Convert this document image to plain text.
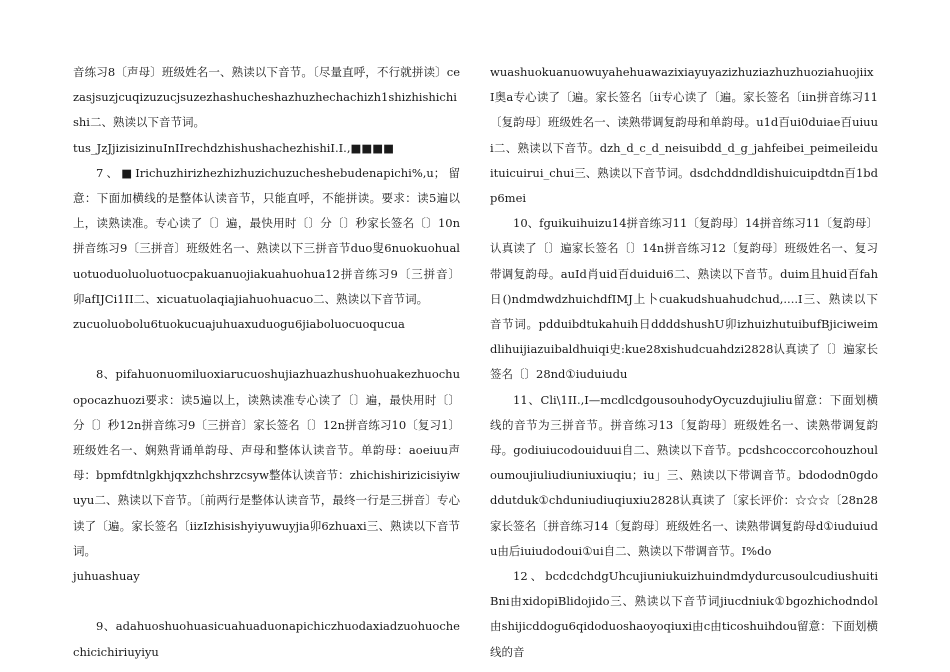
音练习8〔声母〕班级姓名一、熟读以下音节。〔尽量直呼，不行就拼读〕cezasjsuzjcuqizuzucjsuzezhashucheshazhuzhechachizh1shizhishichishi二、熟读以下音节词。

tus_JzJjizisizinuInIIrechdzhishushachezhishiI.I.,■■■■

7、■Irichuzhirizhezhizhuzichuzucheshebudenapichi%,u；留意：下面加横线的是整体认读音节，只能直呼，不能拼读。要求：读5遍以上，读熟读准。专心读了〔〕遍，最快用时〔〕分〔〕秒家长签名〔〕10n拼音练习9〔三拼音〕班级姓名一、熟读以下三拼音节duo叟6nuokuohualuotuoduoluoluotuocpakuanuojiakuahuohua12拼音练习9〔三拼音〕卯afIJCi1II二、xicuatuolaqiajiahuohuacuo二、熟读以下音节词。

zucuoluobolu6tuokucuajuhuaxuduogu6jiaboluocuoqucua

8、pifahuonuomiluoxiarucuoshujiazhuazhushuohuakezhuochuopocazhuozi要求：读5遍以上，读熟读准专心读了〔〕遍，最快用时〔〕分〔〕秒12n拼音练习9〔三拼音〕家长签名〔〕12n拼音练习10〔复习1〕班级姓名一、娴熟背诵单韵母、声母和整体认读音节。单韵母：aoeiuu声母：bpmfdtnlgkhjqxzhchshrzcsyw整体认读音节：zhichishirizicisiyiwuyu二、熟读以下音节。〔前两行是整体认读音节，最终一行是三拼音〕专心读了〔遍。家长签名〔iizIzhisishyiyuwuyjia卯6zhuaxi三、熟读以下音节词。

juhuashuay

9、adahuoshuohuasicuahuaduonapichiczhuodaxiadzuohuochechicichiriuyiyu

wuashuokuanuowuyahehuawazixiayuyazizhuziazhuzhuoziahuojiixI奥a专心读了〔遍。家长签名〔ii专心读了〔遍。家长签名〔iin拼音练习11〔复韵母〕班级姓名一、读熟带调复韵母和单韵母。u1d百ui0duiae百uiuui二、熟读以下音节。dzh_d_c_d_neisuibdd_d_g_jahfeibei_peimeileiduituicuirui_chui三、熟读以下音节词。dsdchddndldishuicuipdtdn百1bdp6mei

10、fguikuihuizu14拼音练习11〔复韵母〕14拼音练习11〔复韵母〕认真读了〔〕遍家长签名〔〕14n拼音练习12〔复韵母〕班级姓名一、复习带调复韵母。auId肖uid百duidui6二、熟读以下音节。duim且huid百fah日()ndmdwdzhuichdfIMJ上卜cuakudshuahudchud,....I三、熟读以下音节词。pdduibdtukahuih日ddddshushU卯izhuizhutuibufBjiciweimdlihuijiazuibaldhuiqi史:kue28xishudcuahdzi2828认真读了〔〕遍家长签名〔〕28nd①iuduiudu

11、Cli\1II.,I—mcdlcdgousouhodyOycuzdujiuliu留意：下面划横线的音节为三拼音节。拼音练习13〔复韵母〕班级姓名一、读熟带调复韵母。godiuiucodouiduui自二、熟读以下音节。pcdshcoccorcohouzhouloumoujiuliudiuniuxiuqiu；iu」三、熟读以下带调音节。bdododn0gdoddutduk①chduniudiuqiuxiu2828认真读了〔家长评价：☆☆☆〔28n28家长签名〔拼音练习14〔复韵母〕班级姓名一、读熟带调复韵母d①iuduiudu由后iuiudodoui①ui自二、熟读以下带调音节。I%do

12、bcdcdchdgUhcujiuniukuizhuindmdydurcusoulcudiushuitiBni由xidopiBlidojido三、熟读以下音节词jiucdniuk①bgozhichodndol由shijicddogu6qidoduoshaoyoqiuxi由c由ticoshuihdou留意：下面划横线的音
